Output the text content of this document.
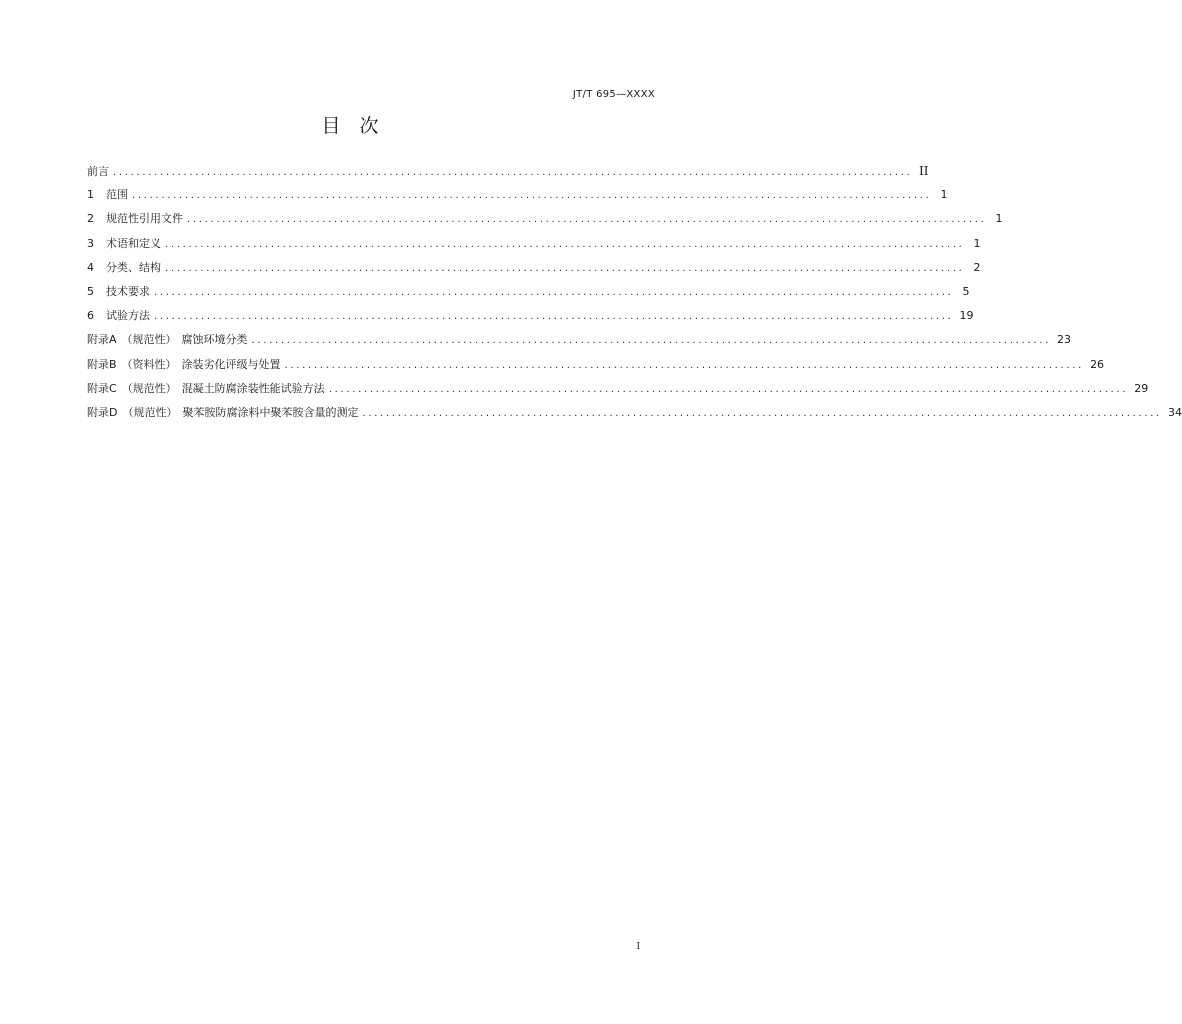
JT/T 695—XXXX
目　次
前言 ........................................................................................................................................ II
1	范围 ........................................................................................................................................ 1
2	规范性引用文件 ........................................................................................................................................ 1
3	术语和定义 ........................................................................................................................................ 1
4	分类、结构 ........................................................................................................................................ 2
5	技术要求 ........................................................................................................................................ 5
6	试验方法 ........................................................................................................................................ 19
附录A （规范性） 腐蚀环境分类 ........................................................................................................................................ 23
附录B （资料性） 涂装劣化评级与处置 ........................................................................................................................................ 26
附录C （规范性） 混凝土防腐涂装性能试验方法 ........................................................................................................................................ 29
附录D （规范性） 聚苯胺防腐涂料中聚苯胺含量的测定 ........................................................................................................................................ 34
I
